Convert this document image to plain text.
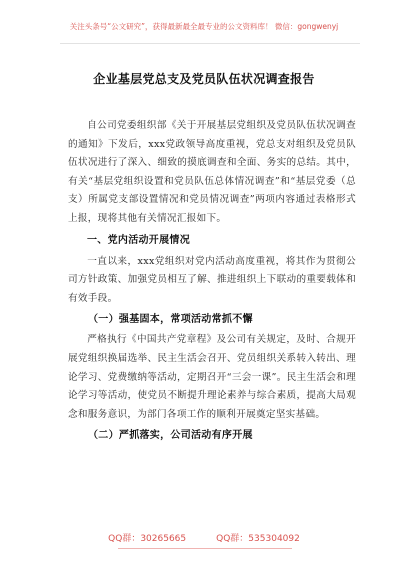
关注头条号“公文研究”，获得最新最全最专业的公文资料库！ 微信：gongwenyj
企业基层党总支及党员队伍状况调查报告

自公司党委组织部《关于开展基层党组织及党员队伍状况调查的通知》下发后，xxx党政领导高度重视，党总支对组织及党员队伍状况进行了深入、细致的摸底调查和全面、务实的总结。其中，有关“基层党组织设置和党员队伍总体情况调查”和“基层党委（总支）所属党支部设置情况和党员情况调查”两项内容通过表格形式上报，现将其他有关情况汇报如下。

一、党内活动开展情况

一直以来，xxx党组织对党内活动高度重视，将其作为贯彻公司方针政策、加强党员相互了解、推进组织上下联动的重要载体和有效手段。

（一）强基固本，常项活动常抓不懈

严格执行《中国共产党章程》及公司有关规定，及时、合规开展党组织换届选举、民主生活会召开、党员组织关系转入转出、理论学习、党费缴纳等活动，定期召开“三会一课”。民主生活会和理论学习等活动，使党员不断提升理论素养与综合素质，提高大局观念和服务意识，为部门各项工作的顺利开展奠定坚实基础。

（二）严抓落实，公司活动有序开展
QQ群：30265665	QQ群：535304092
